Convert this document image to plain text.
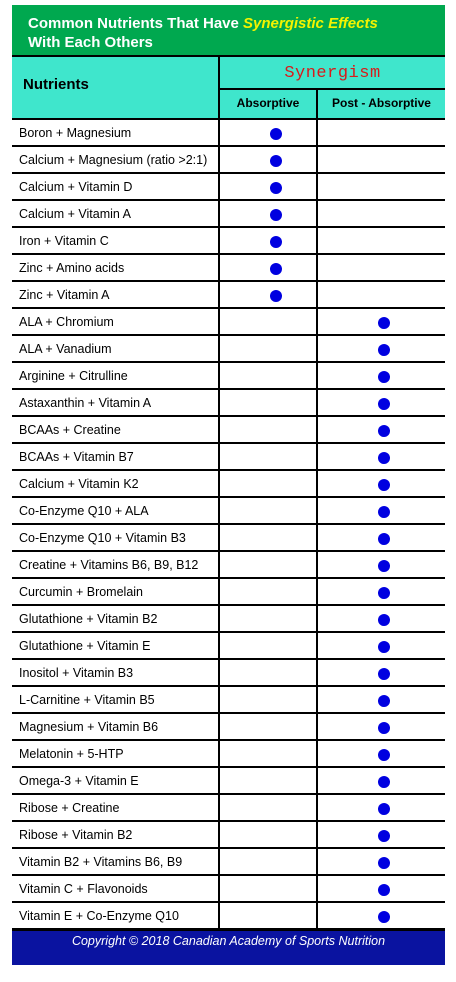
Common Nutrients That Have Synergistic Effects
With Each Others
Nutrients
Synergism
Absorptive	Post - Absorptive
Boron + Magnesium
Calcium + Magnesium (ratio >2:1)
Calcium + Vitamin D
Calcium + Vitamin A
Iron + Vitamin C
Zinc + Amino acids
Zinc + Vitamin A
ALA + Chromium
ALA + Vanadium
Arginine + Citrulline
Astaxanthin + Vitamin A
BCAAs + Creatine
BCAAs + Vitamin B7
Calcium + Vitamin K2
Co-Enzyme Q10 + ALA
Co-Enzyme Q10 + Vitamin B3
Creatine + Vitamins B6, B9, B12
Curcumin + Bromelain
Glutathione + Vitamin B2
Glutathione + Vitamin E
Inositol + Vitamin B3
L-Carnitine + Vitamin B5
Magnesium + Vitamin B6
Melatonin + 5-HTP
Omega-3 + Vitamin E
Ribose + Creatine
Ribose + Vitamin B2
Vitamin B2 + Vitamins B6, B9
Vitamin C + Flavonoids
Vitamin E + Co-Enzyme Q10
Copyright © 2018 Canadian Academy of Sports Nutrition
